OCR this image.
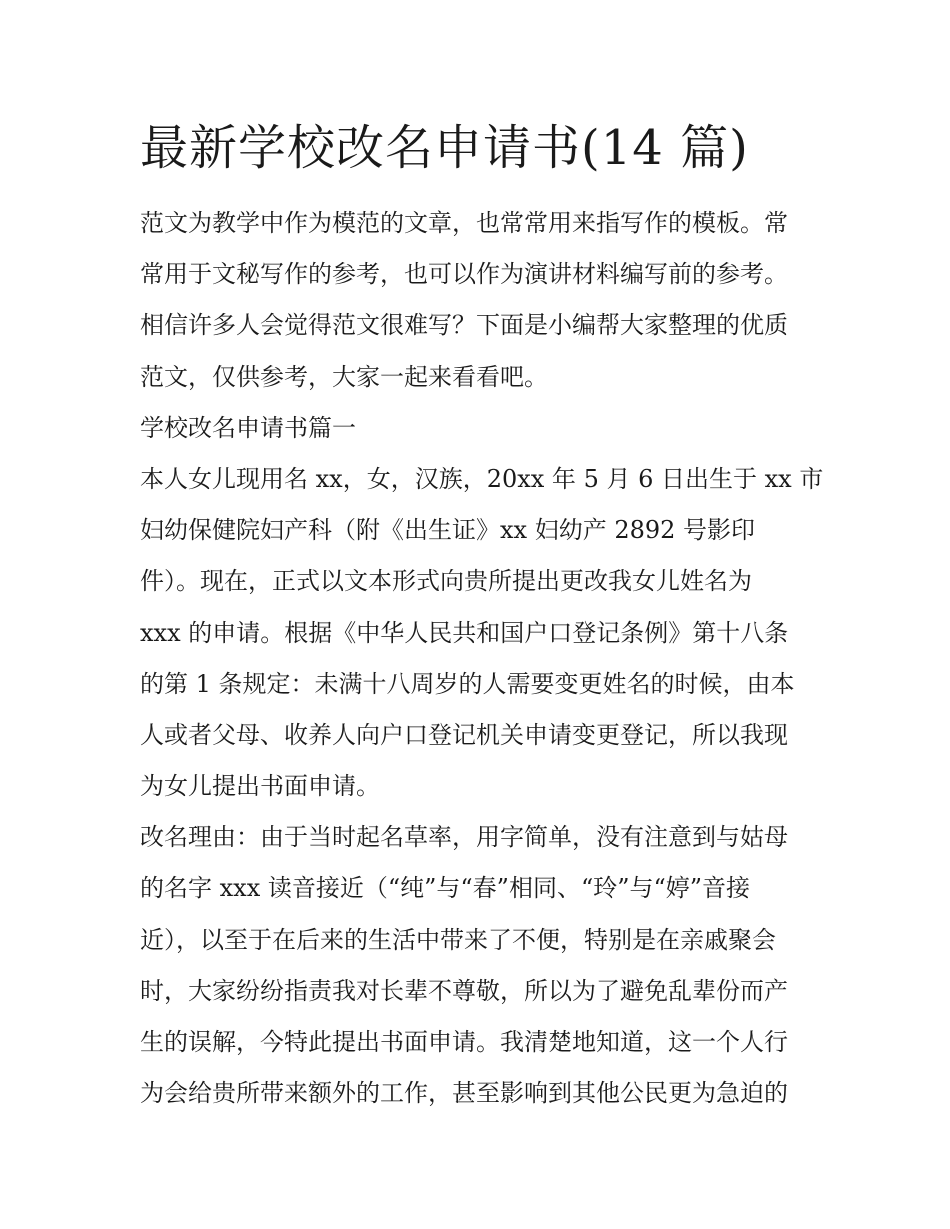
最新学校改名申请书(14 篇)
范文为教学中作为模范的文章，也常常用来指写作的模板。常
常用于文秘写作的参考，也可以作为演讲材料编写前的参考。
相信许多人会觉得范文很难写？下面是小编帮大家整理的优质
范文，仅供参考，大家一起来看看吧。
学校改名申请书篇一
本人女儿现用名 xx，女，汉族，20xx 年 5 月 6 日出生于 xx 市
妇幼保健院妇产科（附《出生证》xx 妇幼产 2892 号影印
件）。现在，正式以文本形式向贵所提出更改我女儿姓名为
xxx 的申请。根据《中华人民共和国户口登记条例》第十八条
的第 1 条规定：未满十八周岁的人需要变更姓名的时候，由本
人或者父母、收养人向户口登记机关申请变更登记，所以我现
为女儿提出书面申请。
改名理由：由于当时起名草率，用字简单，没有注意到与姑母
的名字 xxx 读音接近（“纯”与“春”相同、“玲”与“婷”音接
近），以至于在后来的生活中带来了不便，特别是在亲戚聚会
时，大家纷纷指责我对长辈不尊敬，所以为了避免乱辈份而产
生的误解，今特此提出书面申请。我清楚地知道，这一个人行
为会给贵所带来额外的工作，甚至影响到其他公民更为急迫的
